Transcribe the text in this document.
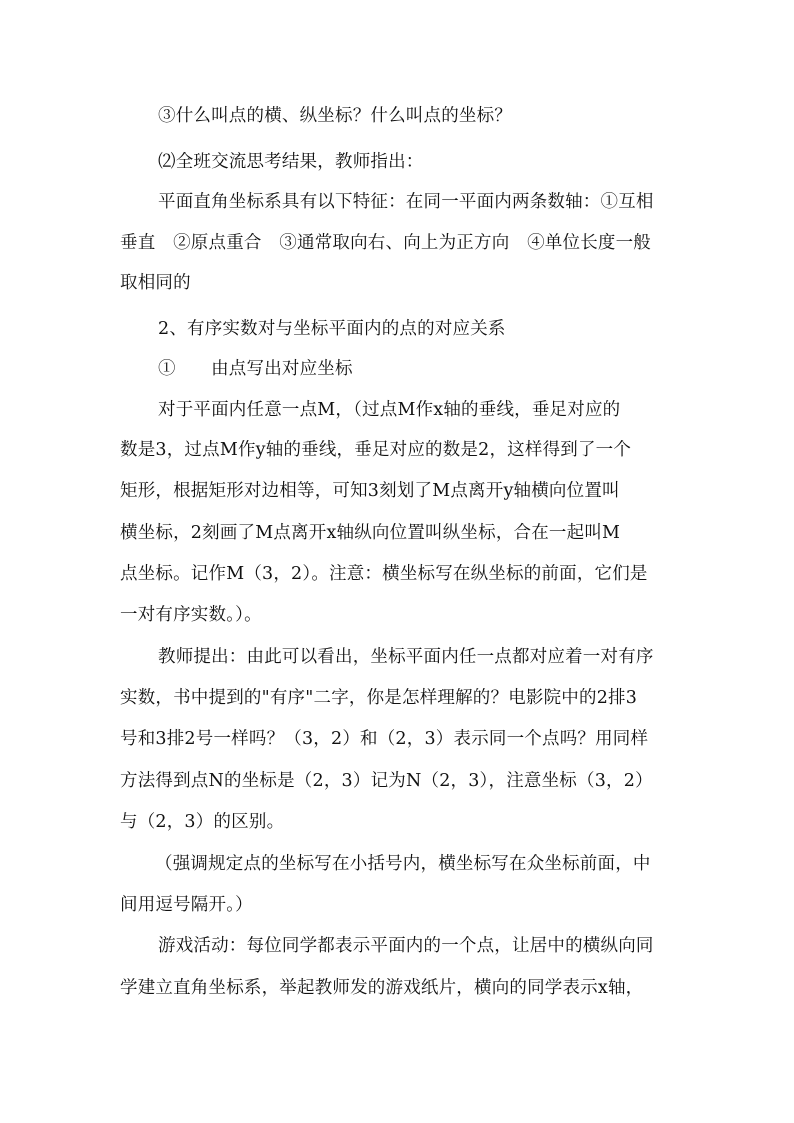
③什么叫点的横、纵坐标？什么叫点的坐标？
⑵全班交流思考结果，教师指出：
平面直角坐标系具有以下特征：在同一平面内两条数轴：①互相
垂直　②原点重合　③通常取向右、向上为正方向　④单位长度一般
取相同的
2、有序实数对与坐标平面内的点的对应关系
①　　由点写出对应坐标
对于平面内任意一点M，（过点M作x轴的垂线，垂足对应的
数是3，过点M作y轴的垂线，垂足对应的数是2，这样得到了一个
矩形，根据矩形对边相等，可知3刻划了M点离开y轴横向位置叫
横坐标，2刻画了M点离开x轴纵向位置叫纵坐标，合在一起叫M
点坐标。记作M（3，2）。注意：横坐标写在纵坐标的前面，它们是
一对有序实数。）。
教师提出：由此可以看出，坐标平面内任一点都对应着一对有序
实数，书中提到的"有序"二字，你是怎样理解的？电影院中的2排3
号和3排2号一样吗？（3，2）和（2，3）表示同一个点吗？用同样
方法得到点N的坐标是（2，3）记为N（2，3），注意坐标（3，2）
与（2，3）的区别。
（强调规定点的坐标写在小括号内，横坐标写在众坐标前面，中
间用逗号隔开。）
游戏活动：每位同学都表示平面内的一个点，让居中的横纵向同
学建立直角坐标系，举起教师发的游戏纸片，横向的同学表示x轴，
